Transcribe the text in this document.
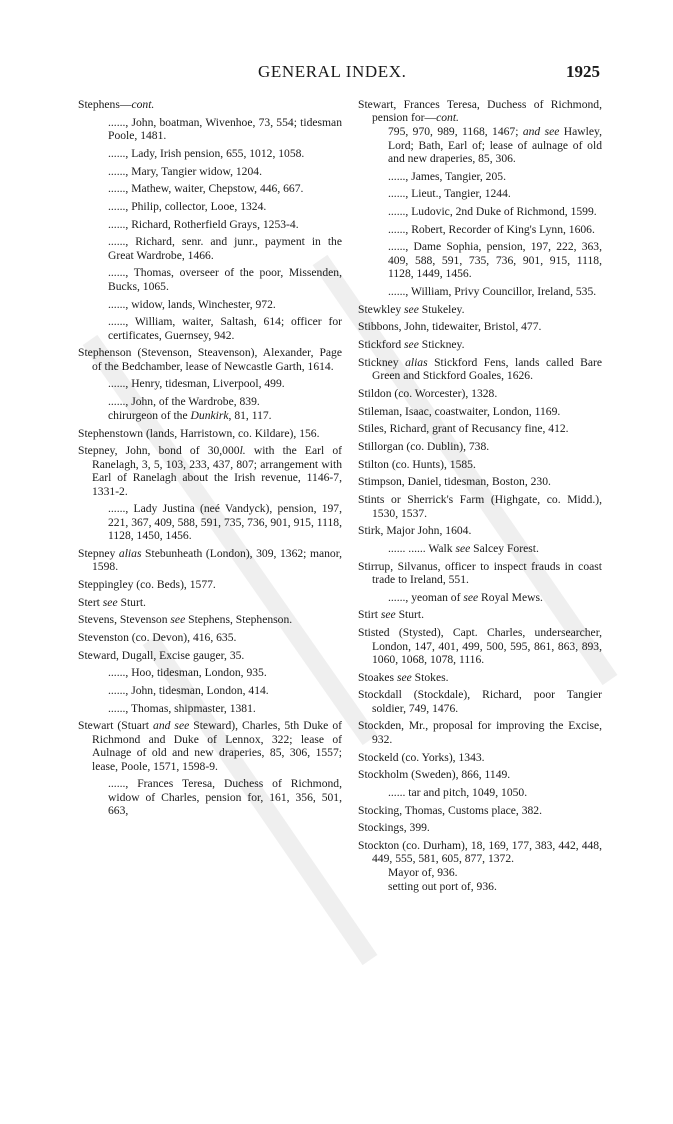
GENERAL INDEX.	1925
Stephens—cont.
......, John, boatman, Wivenhoe, 73, 554; tidesman Poole, 1481.
......, Lady, Irish pension, 655, 1012, 1058.
......, Mary, Tangier widow, 1204.
......, Mathew, waiter, Chepstow, 446, 667.
......, Philip, collector, Looe, 1324.
......, Richard, Rotherfield Grays, 1253-4.
......, Richard, senr. and junr., payment in the Great Wardrobe, 1466.
......, Thomas, overseer of the poor, Missenden, Bucks, 1065.
......, widow, lands, Winchester, 972.
......, William, waiter, Saltash, 614; officer for certificates, Guernsey, 942.
Stephenson (Stevenson, Steavenson), Alexander, Page of the Bedchamber, lease of Newcastle Garth, 1614.
......, Henry, tidesman, Liverpool, 499.
......, John, of the Wardrobe, 839.
chirurgeon of the Dunkirk, 81, 117.
Stephenstown (lands, Harristown, co. Kildare), 156.
Stepney, John, bond of 30,000l. with the Earl of Ranelagh, 3, 5, 103, 233, 437, 807; arrangement with Earl of Ranelagh about the Irish revenue, 1146-7, 1331-2.
......, Lady Justina (neé Vandyck), pension, 197, 221, 367, 409, 588, 591, 735, 736, 901, 915, 1118, 1128, 1450, 1456.
Stepney alias Stebunheath (London), 309, 1362; manor, 1598.
Steppingley (co. Beds), 1577.
Stert see Sturt.
Stevens, Stevenson see Stephens, Stephenson.
Stevenston (co. Devon), 416, 635.
Steward, Dugall, Excise gauger, 35.
......, Hoo, tidesman, London, 935.
......, John, tidesman, London, 414.
......, Thomas, shipmaster, 1381.
Stewart (Stuart and see Steward), Charles, 5th Duke of Richmond and Duke of Lennox, 322; lease of Aulnage of old and new draperies, 85, 306, 1557; lease, Poole, 1571, 1598-9.
......, Frances Teresa, Duchess of Richmond, widow of Charles, pension for, 161, 356, 501, 663,
Stewart, Frances Teresa, Duchess of Richmond, pension for—cont.
795, 970, 989, 1168, 1467; and see Hawley, Lord; Bath, Earl of; lease of aulnage of old and new draperies, 85, 306.
......, James, Tangier, 205.
......, Lieut., Tangier, 1244.
......, Ludovic, 2nd Duke of Richmond, 1599.
......, Robert, Recorder of King's Lynn, 1606.
......, Dame Sophia, pension, 197, 222, 363, 409, 588, 591, 735, 736, 901, 915, 1118, 1128, 1449, 1456.
......, William, Privy Councillor, Ireland, 535.
Stewkley see Stukeley.
Stibbons, John, tidewaiter, Bristol, 477.
Stickford see Stickney.
Stickney alias Stickford Fens, lands called Bare Green and Stickford Goales, 1626.
Stildon (co. Worcester), 1328.
Stileman, Isaac, coastwaiter, London, 1169.
Stiles, Richard, grant of Recusancy fine, 412.
Stillorgan (co. Dublin), 738.
Stilton (co. Hunts), 1585.
Stimpson, Daniel, tidesman, Boston, 230.
Stints or Sherrick's Farm (Highgate, co. Midd.), 1530, 1537.
Stirk, Major John, 1604.
...... ...... Walk see Salcey Forest.
Stirrup, Silvanus, officer to inspect frauds in coast trade to Ireland, 551.
......, yeoman of see Royal Mews.
Stirt see Sturt.
Stisted (Stysted), Capt. Charles, undersearcher, London, 147, 401, 499, 500, 595, 861, 863, 893, 1060, 1068, 1078, 1116.
Stoakes see Stokes.
Stockdall (Stockdale), Richard, poor Tangier soldier, 749, 1476.
Stockden, Mr., proposal for improving the Excise, 932.
Stockeld (co. Yorks), 1343.
Stockholm (Sweden), 866, 1149.
...... tar and pitch, 1049, 1050.
Stocking, Thomas, Customs place, 382.
Stockings, 399.
Stockton (co. Durham), 18, 169, 177, 383, 442, 448, 449, 555, 581, 605, 877, 1372.
Mayor of, 936.
setting out port of, 936.
